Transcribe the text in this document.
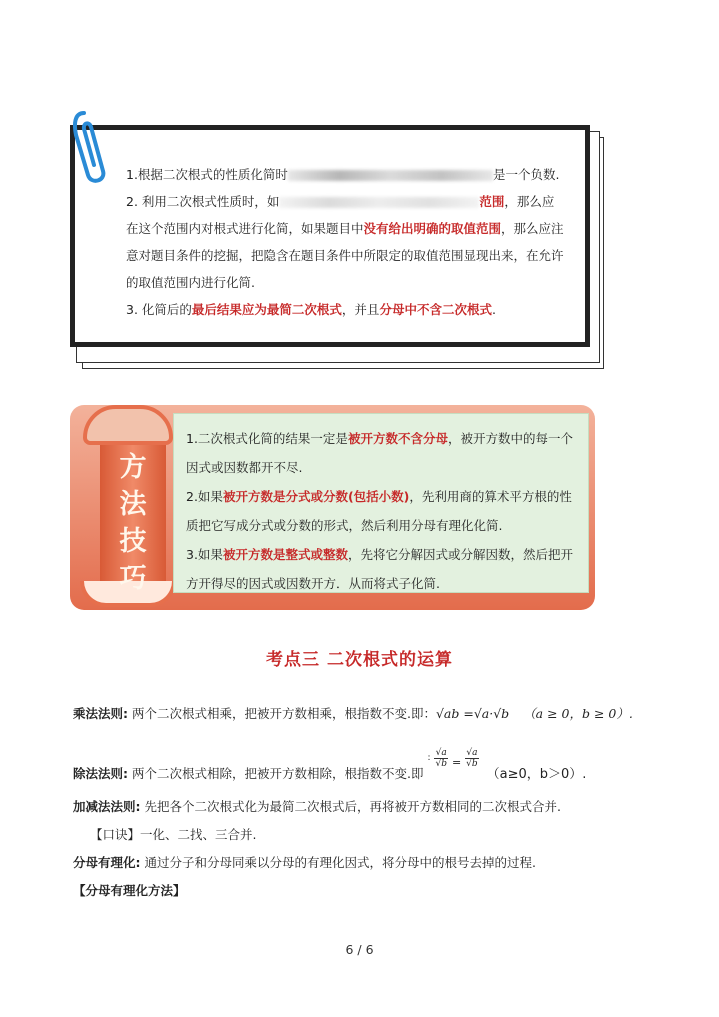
1.根据二次根式的性质化简时	是一个负数.

2. 利用二次根式性质时，如	范围，那么应

在这个范围内对根式进行化简，如果题目中没有给出明确的取值范围，那么应注

意对题目条件的挖掘，把隐含在题目条件中所限定的取值范围显现出来，在允许

的取值范围内进行化简.

3. 化简后的最后结果应为最简二次根式，并且分母中不含二次根式.

方
法
技
巧

1.二次根式化简的结果一定是被开方数不含分母，被开方数中的每一个

因式或因数都开不尽.

2.如果被开方数是分式或分数(包括小数)，先利用商的算术平方根的性

质把它写成分式或分数的形式，然后利用分母有理化化简.

3.如果被开方数是整式或整数，先将它分解因式或分解因数，然后把开

方开得尽的因式或因数开方．从而将式子化简.

考点三 二次根式的运算
乘法法则: 两个二次根式相乘，把被开方数相乘，根指数不变.即：√ab =√a·√b （a ≥ 0，b ≥ 0）.
除法法则: 两个二次根式相除，把被开方数相除，根指数不变.即 $^: \frac{√a}{√b} = \frac{√a}{√b}$
（a≥0，b＞0）.
加减法法则: 先把各个二次根式化为最简二次根式后，再将被开方数相同的二次根式合并.
【口诀】一化、二找、三合并.
分母有理化: 通过分子和分母同乘以分母的有理化因式，将分母中的根号去掉的过程.
【分母有理化方法】
6 / 6
